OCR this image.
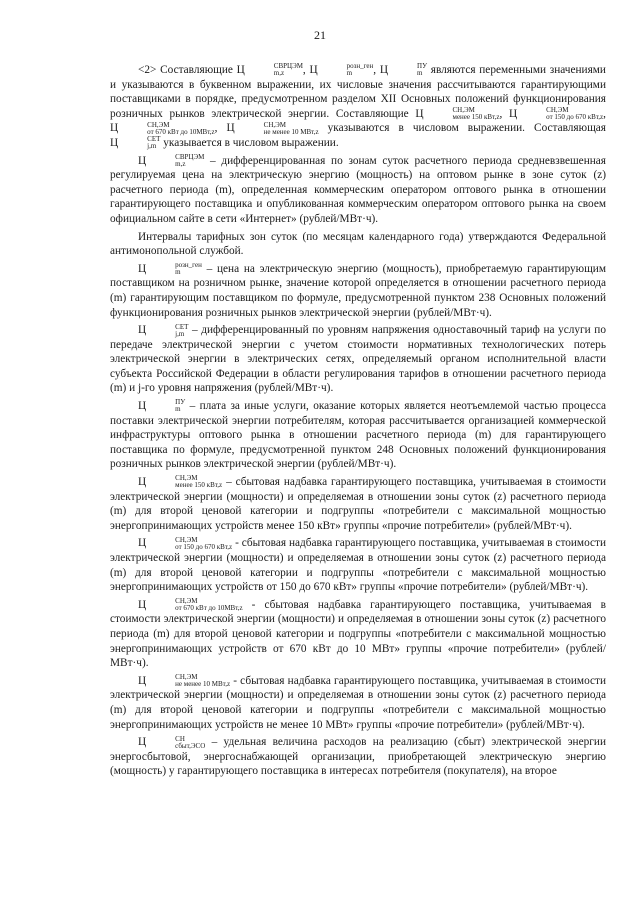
21

<2> Составляющие Ц	СВРЦЭМ
m,z	, Ц	розн_ген
m	, Ц	ПУ
m являются переменными значениями и указываются в буквенном выражении, их числовые значения рассчитываются гарантирующими поставщиками в порядке, предусмотренном разделом XII Основных положений функционирования розничных рынков электрической энергии. Составляющие Ц	СН,ЭМ
менее 150 кВт,z , Ц	СН,ЭМ
от 150 до 670 кВт,z , Ц	СН,ЭМ
от 670 кВт до 10МВт,z , Ц	СН,ЭМ
не менее 10 МВт,z указываются в числовом выражении. Составляющая Ц	СЕТ
j,m указывается в числовом выражении.

Ц	СВРЦЭМ
m,z	– дифференцированная по зонам суток расчетного периода средневзвешенная регулируемая цена на электрическую энергию (мощность) на оптовом рынке в зоне суток (z) расчетного периода (m), определенная коммерческим оператором оптового рынка в отношении гарантирующего поставщика и опубликованная коммерческим оператором оптового рынка на своем официальном сайте в сети «Интернет» (рублей/МВт·ч).

Интервалы тарифных зон суток (по месяцам календарного года) утверждаются Федеральной антимонопольной службой.

Ц	розн_ген
m	– цена на электрическую энергию (мощность), приобретаемую гарантирующим поставщиком на розничном рынке, значение которой определяется в отношении расчетного периода (m) гарантирующим поставщиком по формуле, предусмотренной пунктом 238 Основных положений функционирования розничных рынков электрической энергии (рублей/МВт·ч).

Ц	СЕТ
j,m – дифференцированный по уровням напряжения одноставочный тариф на услуги по передаче электрической энергии с учетом стоимости нормативных технологических потерь электрической энергии в электрических сетях, определяемый органом исполнительной власти субъекта Российской Федерации в области регулирования тарифов в отношении расчетного периода (m) и j-го уровня напряжения (рублей/МВт·ч).

Ц	ПУ
m – плата за иные услуги, оказание которых является неотъемлемой частью процесса поставки электрической энергии потребителям, которая рассчитывается организацией коммерческой инфраструктуры оптового рынка в отношении расчетного периода (m) для гарантирующего поставщика по формуле, предусмотренной пунктом 248 Основных положений функционирования розничных рынков электрической энергии (рублей/МВт·ч).

Ц	СН,ЭМ
менее 150 кВт,z – сбытовая надбавка гарантирующего поставщика, учитываемая в стоимости электрической энергии (мощности) и определяемая в отношении зоны суток (z) расчетного периода (m) для второй ценовой категории и подгруппы «потребители с максимальной мощностью энергопринимающих устройств менее 150 кВт» группы «прочие потребители» (рублей/МВт·ч).

Ц	СН,ЭМ
от 150 до 670 кВт,z - сбытовая надбавка гарантирующего поставщика, учитываемая в стоимости электрической энергии (мощности) и определяемая в отношении зоны суток (z) расчетного периода (m) для второй ценовой категории и подгруппы «потребители с максимальной мощностью энергопринимающих устройств от 150 до 670 кВт» группы «прочие потребители» (рублей/МВт·ч).

Ц	СН,ЭМ
от 670 кВт до 10МВт,z - сбытовая надбавка гарантирующего поставщика, учитываемая в стоимости электрической энергии (мощности) и определяемая в отношении зоны суток (z) расчетного периода (m) для второй ценовой категории и подгруппы «потребители с максимальной мощностью энергопринимающих устройств от 670 кВт до 10 МВт» группы «прочие потребители» (рублей/МВт·ч).

Ц	СН,ЭМ
не менее 10 МВт,z - сбытовая надбавка гарантирующего поставщика, учитываемая в стоимости электрической энергии (мощности) и определяемая в отношении зоны суток (z) расчетного периода (m) для второй ценовой категории и подгруппы «потребители с максимальной мощностью энергопринимающих устройств не менее 10 МВт» группы «прочие потребители» (рублей/МВт·ч).

Ц	СН
сбыт,ЭСО – удельная величина расходов на реализацию (сбыт) электрической энергии энергосбытовой, энергоснабжающей организации, приобретающей электрическую энергию (мощность) у гарантирующего поставщика в интересах потребителя (покупателя), на второе
